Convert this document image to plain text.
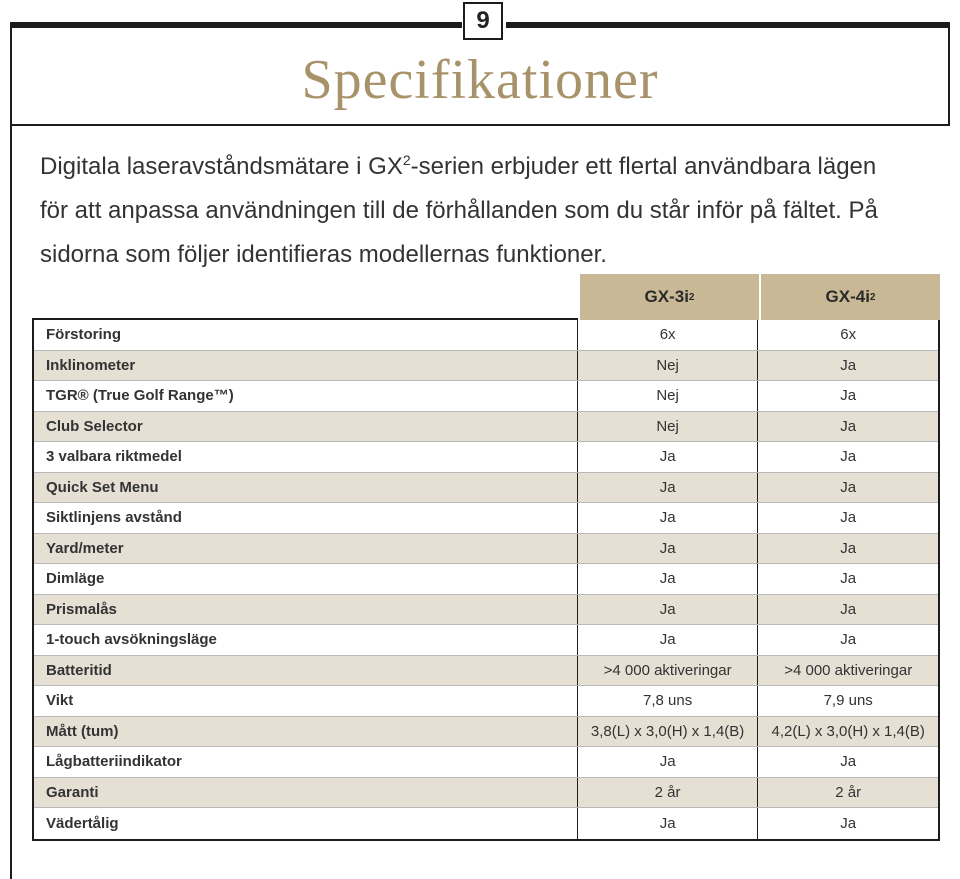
9
Specifikationer
Digitala laseravståndsmätare i $GX^2$-serien erbjuder ett flertal användbara lägen
för att anpassa användningen till de förhållanden som du står inför på fältet. På
sidorna som följer identifieras modellernas funktioner.
GX-3i 2	GX-4i 2
Förstoring	6x	6x
Inklinometer	Nej	Ja
TGR® (True Golf Range™)	Nej	Ja
Club Selector	Nej	Ja
3 valbara riktmedel	Ja	Ja
Quick Set Menu	Ja	Ja
Siktlinjens avstånd	Ja	Ja
Yard/meter	Ja	Ja
Dimläge	Ja	Ja
Prismalås	Ja	Ja
1-touch avsökningsläge	Ja	Ja
Batteritid	>4 000 aktiveringar	>4 000 aktiveringar
Vikt	7,8 uns	7,9 uns
Mått (tum)	3,8(L) x 3,0(H) x 1,4(B)	4,2(L) x 3,0(H) x 1,4(B)
Lågbatteriindikator	Ja	Ja
Garanti	2 år	2 år
Vädertålig	Ja	Ja
